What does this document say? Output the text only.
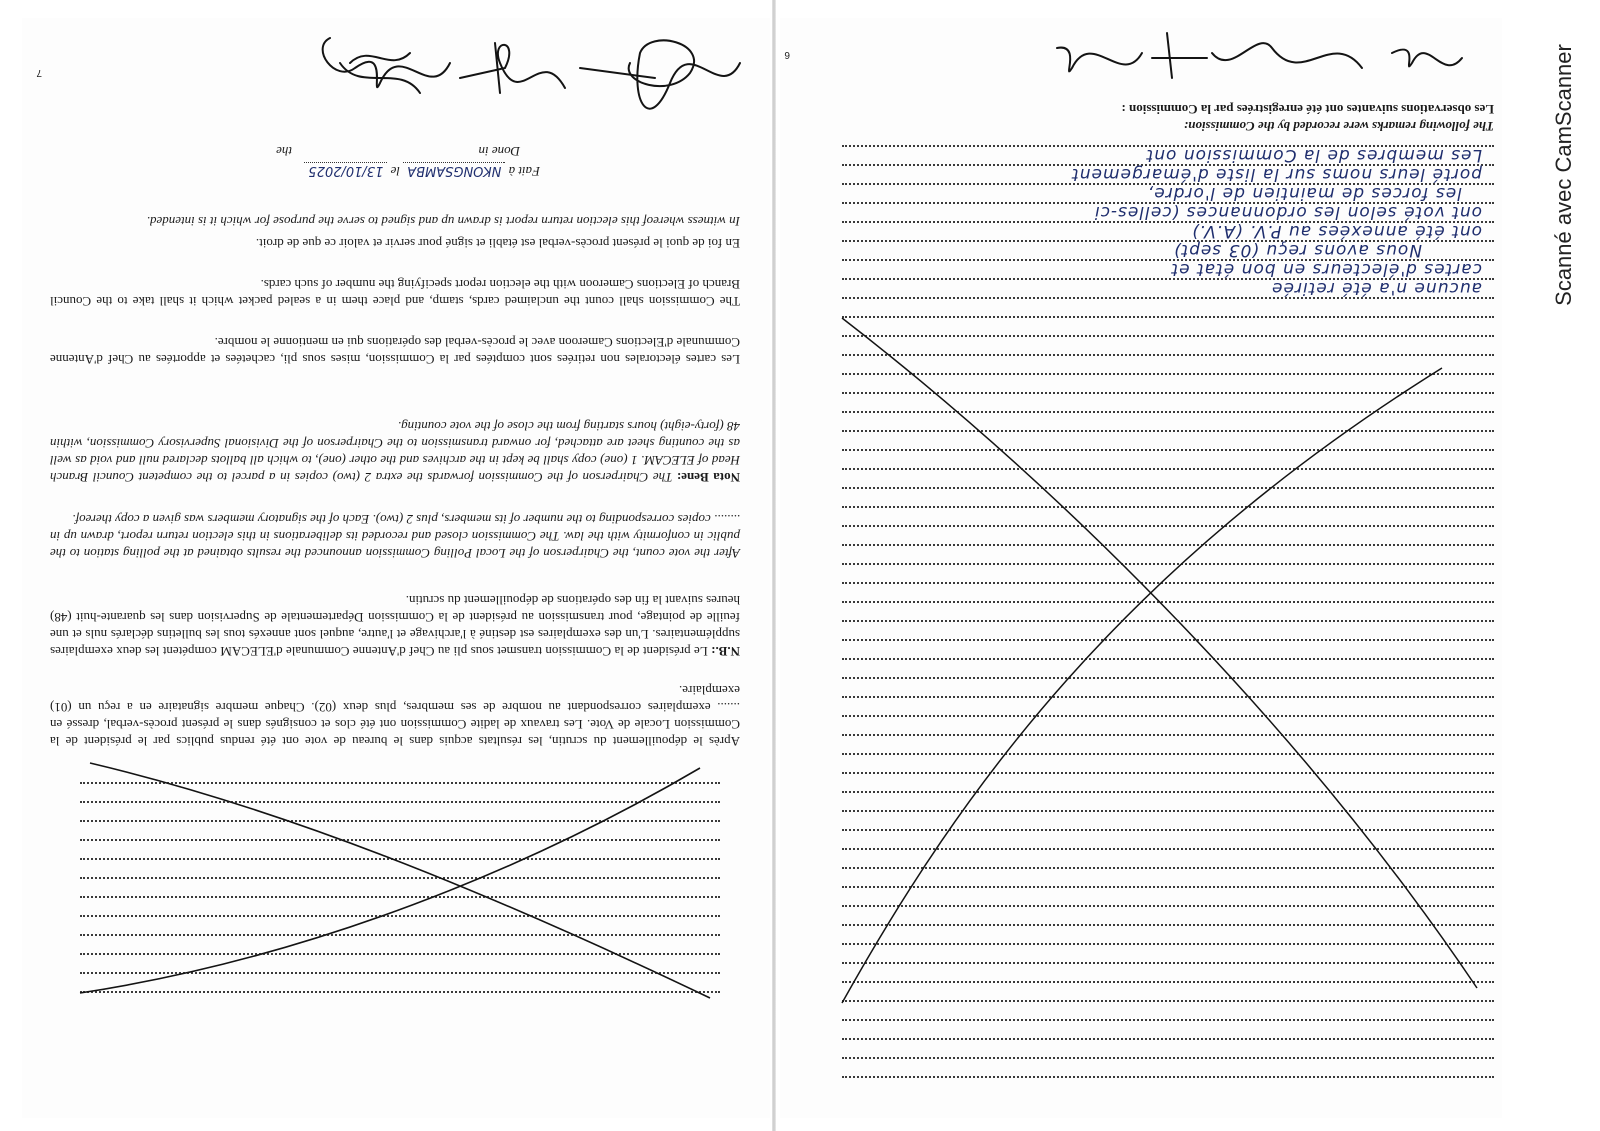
7
Fait à NKONGSAMBA le 13/10/2025
Done in  the
In witness whereof this election return report is drawn up and signed to serve the purpose for which it is intended.
En foi de quoi le présent procès-verbal est établi et signé pour servir et valoir ce que de droit.
The Commission shall count the unclaimed cards, stamp, and place them in a sealed packet which it shall take to the Council Branch of Elections Cameroon with the election report specifying the number of such cards.
Les cartes électorales non retirées sont comptées par la Commission, mises sous pli, cachetées et apportées au Chef d'Antenne Communale d'Elections Cameroon avec le procès-verbal des opérations qui en mentionne le nombre.
Nota Bene: The Chairperson of the Commission forwards the extra 2 (two) copies in a parcel to the competent Council Branch Head of ELECAM. 1 (one) copy shall be kept in the archives and the other (one), to which all ballots declared null and void as well as the counting sheet are attached, for onward transmission to the Chairperson of the Divisional Supervisory Commission, within 48 (forty-eight) hours starting from the close of the vote counting.
After the vote count, the Chairperson of the Local Polling Commission announced the results obtained at the polling station to the public in conformity with the law. The Commission closed and recorded its deliberations in this election return report, drawn up in ........ copies corresponding to the number of its members, plus 2 (two). Each of the signatory members was given a copy thereof.
N.B.: Le président de la Commission transmet sous pli au Chef d'Antenne Communale d'ELECAM compétent les deux exemplaires supplémentaires. L'un des exemplaires est destiné à l'archivage et l'autre, auquel sont annexés tous les bulletins déclarés nuls et une feuille de pointage, pour transmission au président de la Commission Départementale de Supervision dans les quarante-huit (48) heures suivant la fin des opérations de dépouillement du scrutin.
Après le dépouillement du scrutin, les résultats acquis dans le bureau de vote ont été rendus publics par le président de la Commission Locale de Vote. Les travaux de ladite Commission ont été clos et consignés dans le présent procès-verbal, dressé en ....... exemplaires correspondant au nombre de ses membres, plus deux (02). Chaque membre signataire en a reçu un (01) exemplaire.
6
Les observations suivantes ont été enregistrées par la Commission :
The following remarks were recorded by the Commission:
Les membres de la Commission ont
porté leurs noms sur la liste d'émargement
les forces de maintien de l'ordre,
ont voté selon les ordonnances (celles-ci
ont été annexées au P.V. (A.V.)
Nous avons reçu (03 sept)
cartes d'électeurs en bon état et
aucune n'a été retirée	Scanné avec CamScanner
